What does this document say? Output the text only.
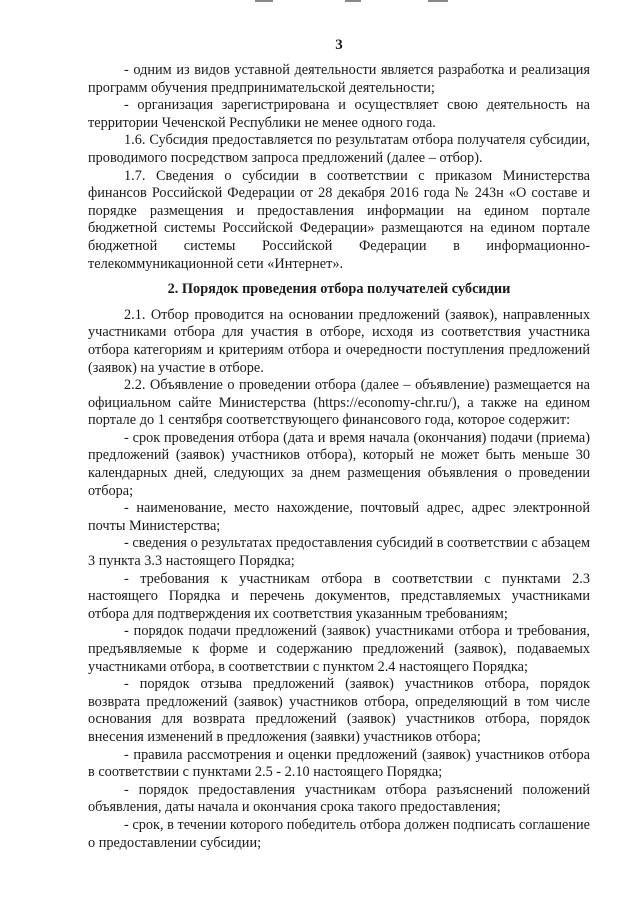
3

- одним из видов уставной деятельности является разработка и реализация программ обучения предпринимательской деятельности;

- организация зарегистрирована и осуществляет свою деятельность на территории Чеченской Республики не менее одного года.

1.6. Субсидия предоставляется по результатам отбора получателя субсидии, проводимого посредством запроса предложений (далее – отбор).

1.7. Сведения о субсидии в соответствии с приказом Министерства финансов Российской Федерации от 28 декабря 2016 года № 243н «О составе и порядке размещения и предоставления информации на едином портале бюджетной системы Российской Федерации» размещаются на едином портале бюджетной системы Российской Федерации в информационно-телекоммуникационной сети «Интернет».

2. Порядок проведения отбора получателей субсидии

2.1. Отбор проводится на основании предложений (заявок), направленных участниками отбора для участия в отборе, исходя из соответствия участника отбора категориям и критериям отбора и очередности поступления предложений (заявок) на участие в отборе.

2.2. Объявление о проведении отбора (далее – объявление) размещается на официальном сайте Министерства (https://economy-chr.ru/), а также на едином портале до 1 сентября соответствующего финансового года, которое содержит:

- срок проведения отбора (дата и время начала (окончания) подачи (приема) предложений (заявок) участников отбора), который не может быть меньше 30 календарных дней, следующих за днем размещения объявления о проведении отбора;

- наименование, место нахождение, почтовый адрес, адрес электронной почты Министерства;

- сведения о результатах предоставления субсидий в соответствии с абзацем 3 пункта 3.3 настоящего Порядка;

- требования к участникам отбора в соответствии с пунктами 2.3 настоящего Порядка и перечень документов, представляемых участниками отбора для подтверждения их соответствия указанным требованиям;

- порядок подачи предложений (заявок) участниками отбора и требования, предъявляемые к форме и содержанию предложений (заявок), подаваемых участниками отбора, в соответствии с пунктом 2.4 настоящего Порядка;

- порядок отзыва предложений (заявок) участников отбора, порядок возврата предложений (заявок) участников отбора, определяющий в том числе основания для возврата предложений (заявок) участников отбора, порядок внесения изменений в предложения (заявки) участников отбора;

- правила рассмотрения и оценки предложений (заявок) участников отбора в соответствии с пунктами 2.5 - 2.10 настоящего Порядка;

- порядок предоставления участникам отбора разъяснений положений объявления, даты начала и окончания срока такого предоставления;

- срок, в течении которого победитель отбора должен подписать соглашение о предоставлении субсидии;
